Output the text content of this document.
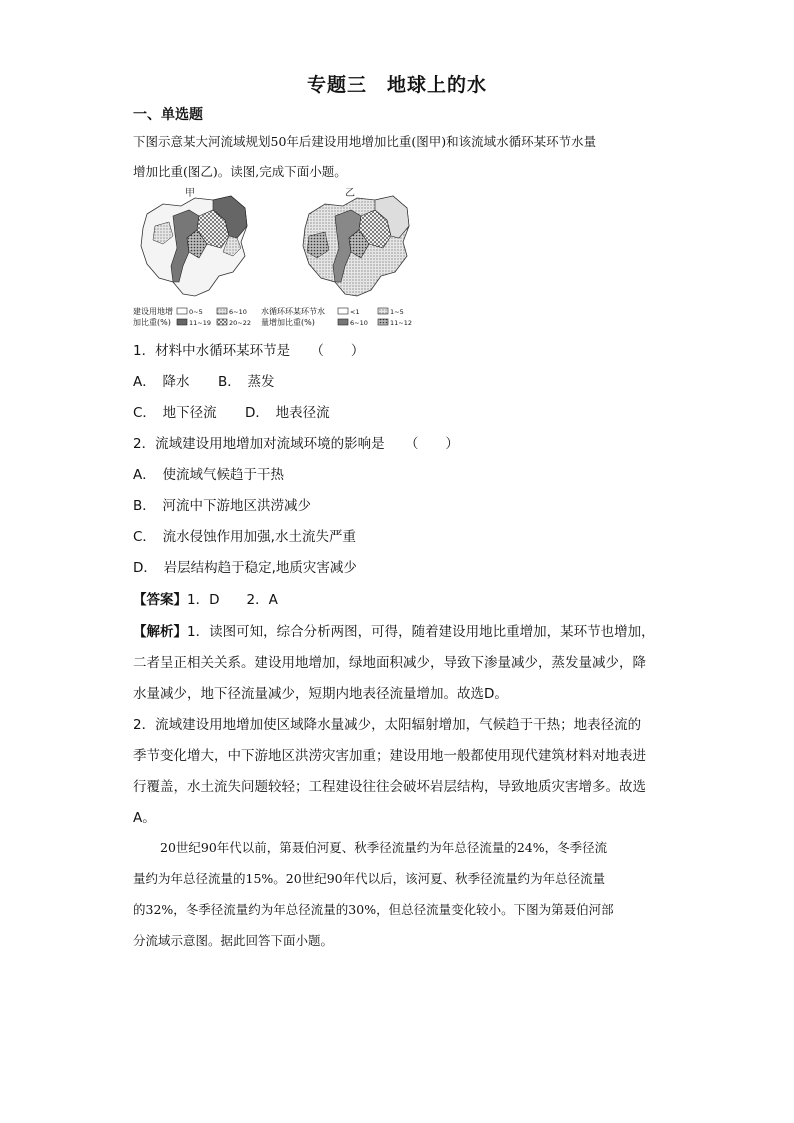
专题三　地球上的水
一、单选题
下图示意某大河流域规划50年后建设用地增加比重(图甲)和该流域水循环某环节水量
增加比重(图乙)。读图,完成下面小题。
甲	乙
建设用地增
加比重(%)
0~5	6~10
11~19	20~22
水循环环某环节水
量增加比重(%)
<1	1~5
6~10	11~12
1．材料中水循环某环节是　　（　　）
A．　降水 B．　蒸发
C．　地下径流 D．　地表径流
2．流域建设用地增加对流域环境的影响是　　（　　）
A．　使流域气候趋于干热
B．　河流中下游地区洪涝减少
C．　流水侵蚀作用加强,水土流失严重
D．　岩层结构趋于稳定,地质灾害减少
【答案】1．D　　2．A
【解析】1．读图可知，综合分析两图，可得，随着建设用地比重增加，某环节也增加，
二者呈正相关关系。建设用地增加，绿地面积减少，导致下渗量减少，蒸发量减少，降
水量减少，地下径流量减少，短期内地表径流量增加。故选D。
2．流域建设用地增加使区域降水量减少，太阳辐射增加，气候趋于干热；地表径流的
季节变化增大，中下游地区洪涝灾害加重；建设用地一般都使用现代建筑材料对地表进
行覆盖，水土流失问题较轻；工程建设往往会破坏岩层结构，导致地质灾害增多。故选
A。
20世纪90年代以前，第聂伯河夏、秋季径流量约为年总径流量的24%，冬季径流
量约为年总径流量的15%。20世纪90年代以后，该河夏、秋季径流量约为年总径流量
的32%，冬季径流量约为年总径流量的30%，但总径流量变化较小。下图为第聂伯河部
分流域示意图。据此回答下面小题。
